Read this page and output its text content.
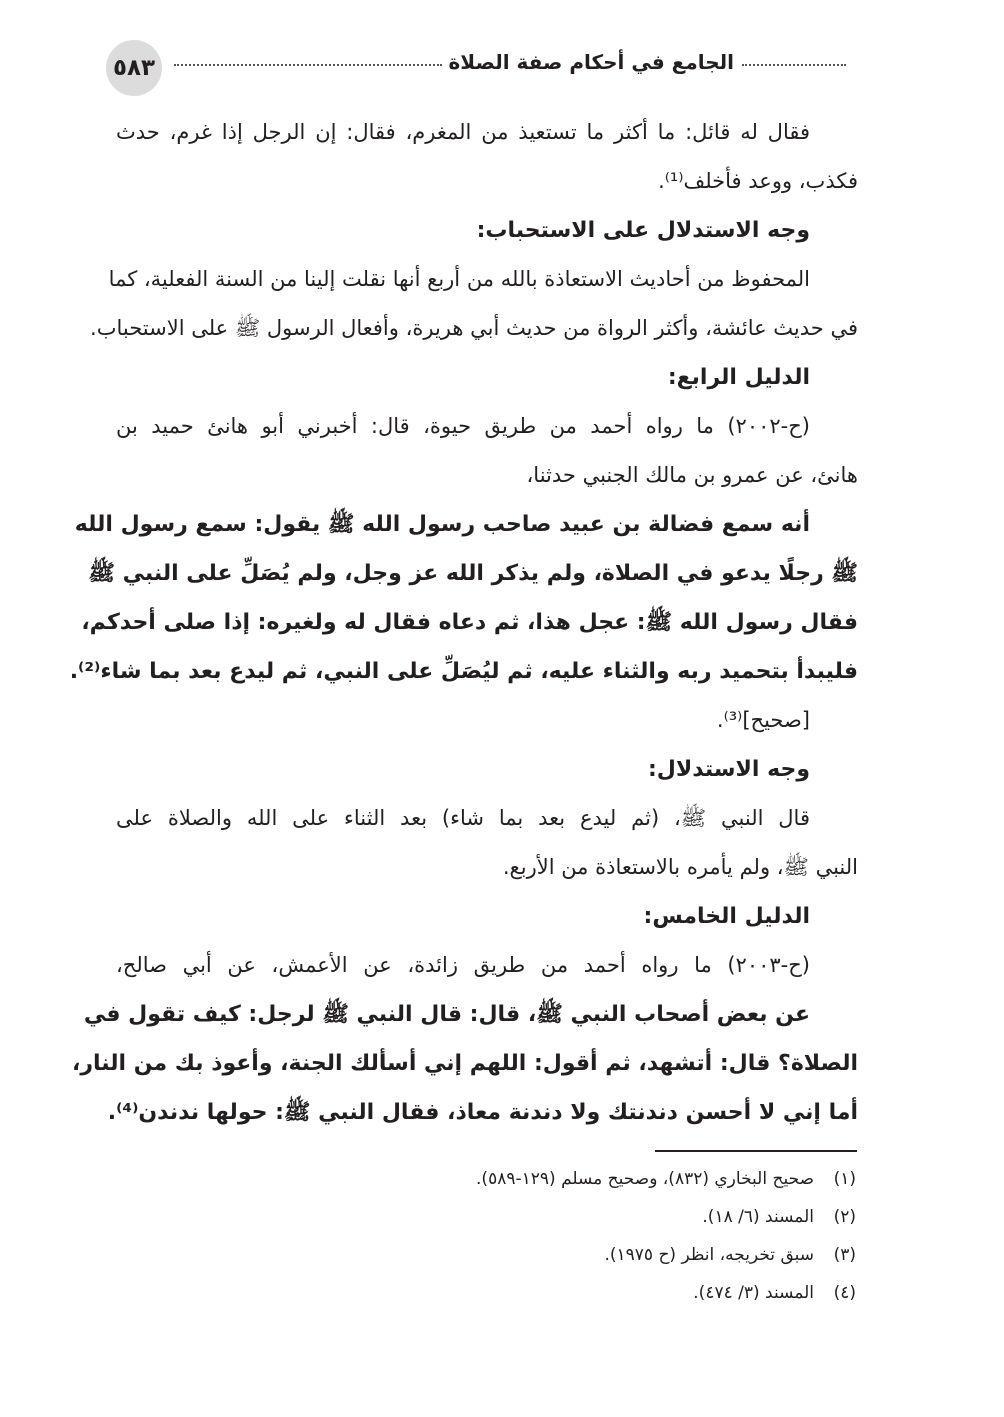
٥٨٣	الجامع في أحكام صفة الصلاة
فقال له قائل: ما أكثر ما تستعيذ من المغرم، فقال: إن الرجل إذا غرم، حدث
فكذب، ووعد فأخلف⁽¹⁾.
وجه الاستدلال على الاستحباب:
المحفوظ من أحاديث الاستعاذة بالله من أربع أنها نقلت إلينا من السنة الفعلية، كما
في حديث عائشة، وأكثر الرواة من حديث أبي هريرة، وأفعال الرسول ﷺ على الاستحباب.
الدليل الرابع:
(ح-٢٠٠٢) ما رواه أحمد من طريق حيوة، قال: أخبرني أبو هانئ حميد بن
هانئ، عن عمرو بن مالك الجنبي حدثنا،
أنه سمع فضالة بن عبيد صاحب رسول الله ﷺ يقول: سمع رسول الله
ﷺ رجلًا يدعو في الصلاة، ولم يذكر الله عز وجل، ولم يُصَلِّ على النبي ﷺ
فقال رسول الله ﷺ: عجل هذا، ثم دعاه فقال له ولغيره: إذا صلى أحدكم،
فليبدأ بتحميد ربه والثناء عليه، ثم ليُصَلِّ على النبي، ثم ليدع بعد بما شاء⁽²⁾.
[صحيح]⁽³⁾.
وجه الاستدلال:
قال النبي ﷺ، (ثم ليدع بعد بما شاء) بعد الثناء على الله والصلاة على
النبي ﷺ، ولم يأمره بالاستعاذة من الأربع.
الدليل الخامس:
(ح-٢٠٠٣) ما رواه أحمد من طريق زائدة، عن الأعمش، عن أبي صالح،
عن بعض أصحاب النبي ﷺ، قال: قال النبي ﷺ لرجل: كيف تقول في
الصلاة؟ قال: أتشهد، ثم أقول: اللهم إني أسألك الجنة، وأعوذ بك من النار،
أما إني لا أحسن دندنتك ولا دندنة معاذ، فقال النبي ﷺ: حولها ندندن⁽⁴⁾.
(١)صحيح البخاري (٨٣٢)، وصحيح مسلم (١٢٩-٥٨٩).
(٢)المسند (٦/ ١٨).
(٣)سبق تخريجه، انظر (ح ١٩٧٥).
(٤)المسند (٣/ ٤٧٤).
